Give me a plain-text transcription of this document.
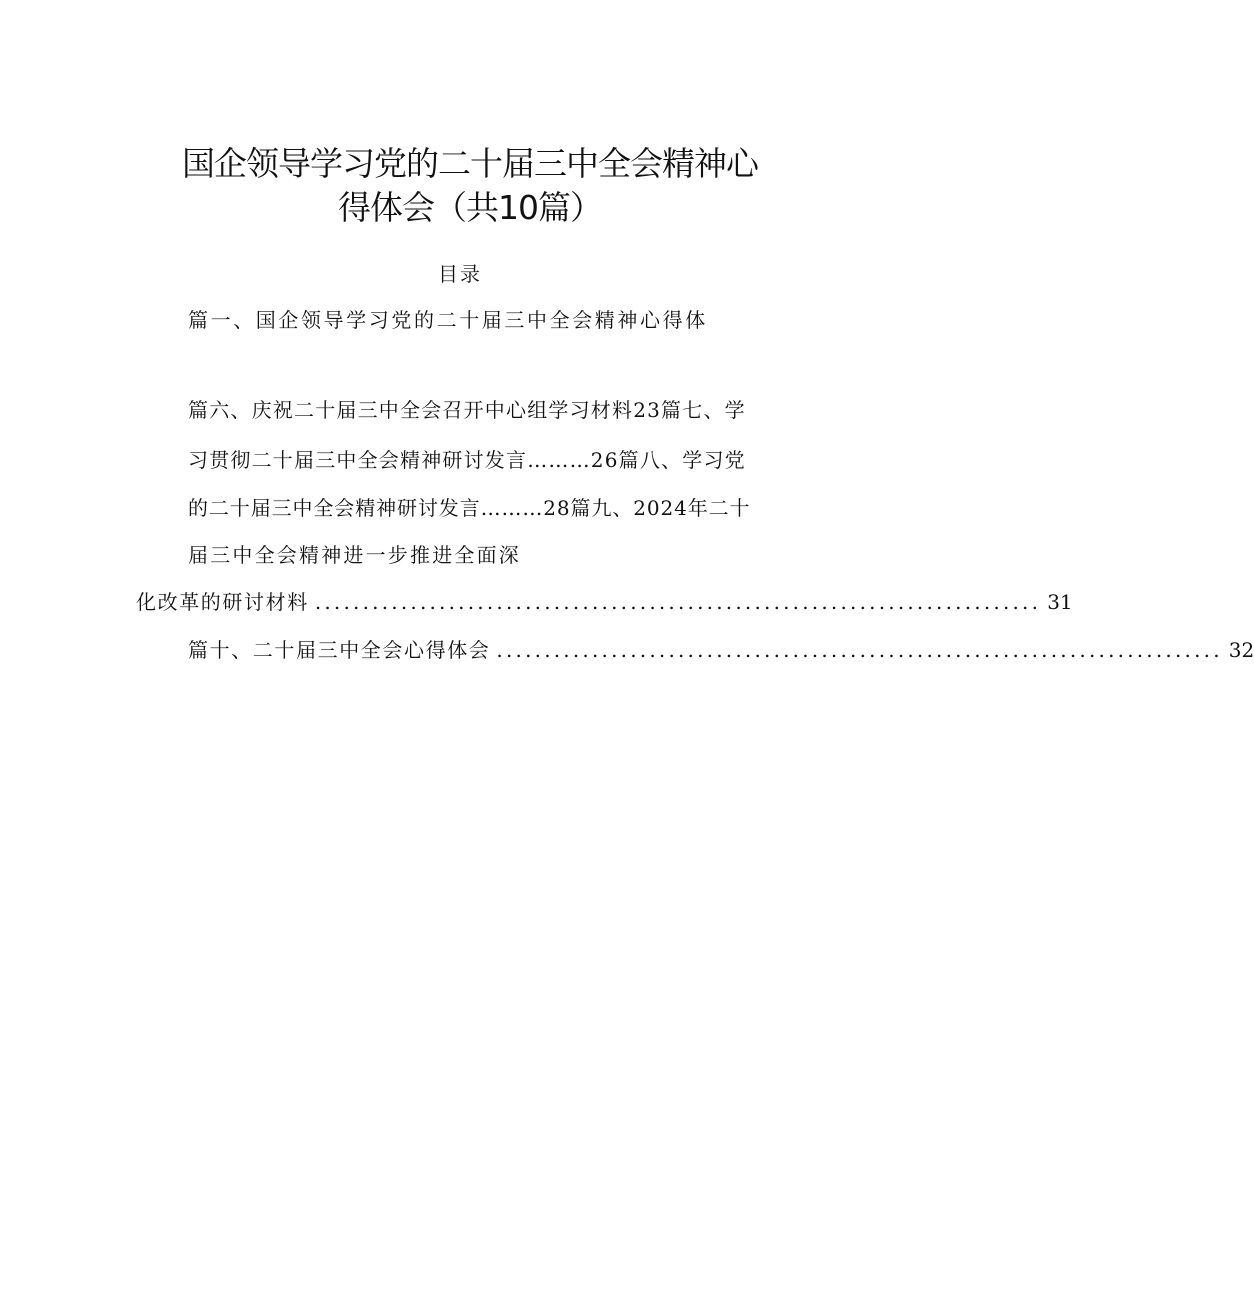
国企领导学习党的二十届三中全会精神心
得体会（共10篇）
目录
篇一、国企领导学习党的二十届三中全会精神心得体
篇六、庆祝二十届三中全会召开中心组学习材料23篇七、学
习贯彻二十届三中全会精神研讨发言………26篇八、学习党
的二十届三中全会精神研讨发言………28篇九、2024年二十
届三中全会精神进一步推进全面深
化改革的研讨材料 ............................................................................ 31
篇十、二十届三中全会心得体会 ............................................................................ 32
